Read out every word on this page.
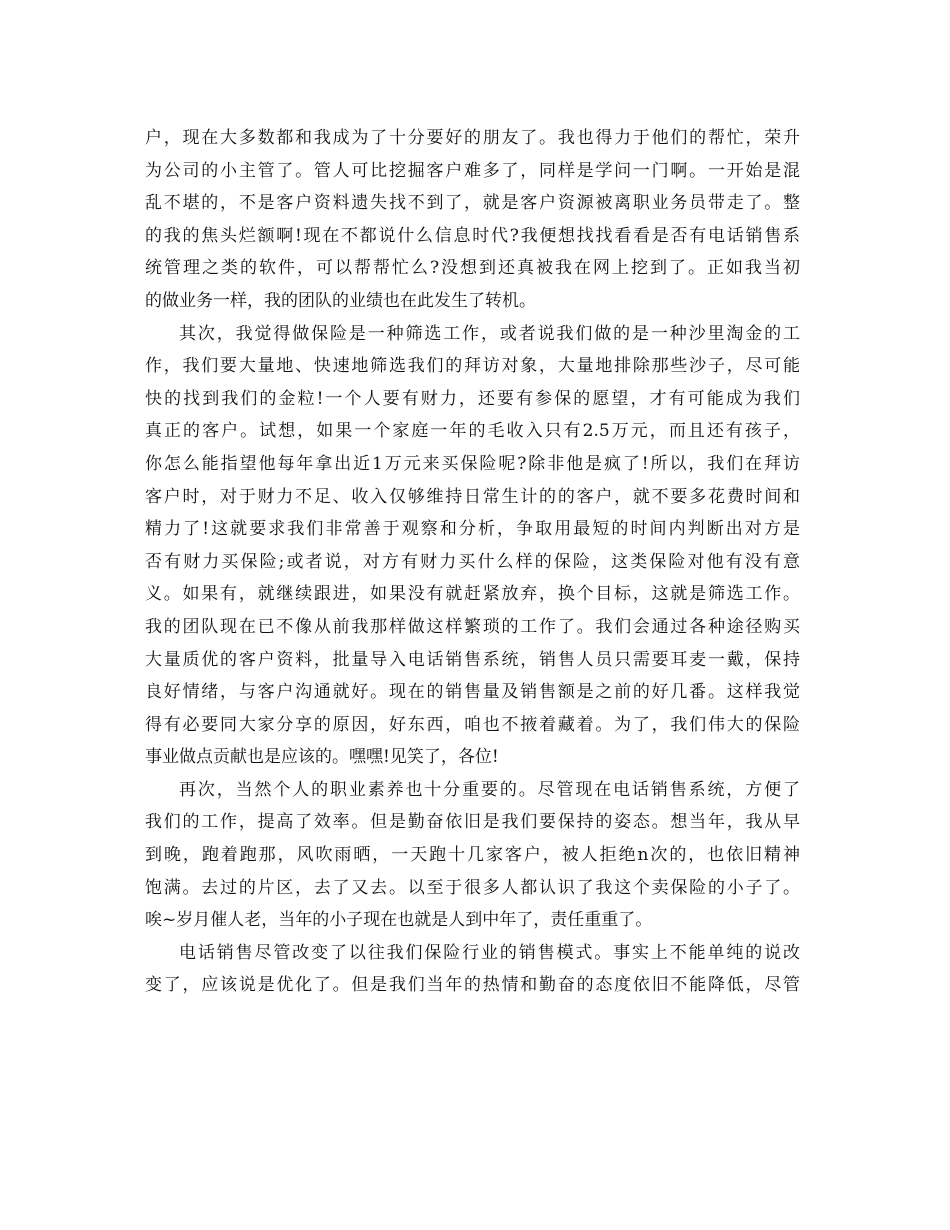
户，现在大多数都和我成为了十分要好的朋友了。我也得力于他们的帮忙，荣升
为公司的小主管了。管人可比挖掘客户难多了，同样是学问一门啊。一开始是混
乱不堪的，不是客户资料遗失找不到了，就是客户资源被离职业务员带走了。整
的我的焦头烂额啊!现在不都说什么信息时代?我便想找找看看是否有电话销售系
统管理之类的软件，可以帮帮忙么?没想到还真被我在网上挖到了。正如我当初
的做业务一样，我的团队的业绩也在此发生了转机。
其次，我觉得做保险是一种筛选工作，或者说我们做的是一种沙里淘金的工
作，我们要大量地、快速地筛选我们的拜访对象，大量地排除那些沙子，尽可能
快的找到我们的金粒!一个人要有财力，还要有参保的愿望，才有可能成为我们
真正的客户。试想，如果一个家庭一年的毛收入只有2.5万元，而且还有孩子，
你怎么能指望他每年拿出近1万元来买保险呢?除非他是疯了!所以，我们在拜访
客户时，对于财力不足、收入仅够维持日常生计的的客户，就不要多花费时间和
精力了!这就要求我们非常善于观察和分析，争取用最短的时间内判断出对方是
否有财力买保险;或者说，对方有财力买什么样的保险，这类保险对他有没有意
义。如果有，就继续跟进，如果没有就赶紧放弃，换个目标，这就是筛选工作。
我的团队现在已不像从前我那样做这样繁琐的工作了。我们会通过各种途径购买
大量质优的客户资料，批量导入电话销售系统，销售人员只需要耳麦一戴，保持
良好情绪，与客户沟通就好。现在的销售量及销售额是之前的好几番。这样我觉
得有必要同大家分享的原因，好东西，咱也不掖着藏着。为了，我们伟大的保险
事业做点贡献也是应该的。嘿嘿!见笑了，各位!
再次，当然个人的职业素养也十分重要的。尽管现在电话销售系统，方便了
我们的工作，提高了效率。但是勤奋依旧是我们要保持的姿态。想当年，我从早
到晚，跑着跑那，风吹雨晒，一天跑十几家客户，被人拒绝n次的，也依旧精神
饱满。去过的片区，去了又去。以至于很多人都认识了我这个卖保险的小子了。
唉~岁月催人老，当年的小子现在也就是人到中年了，责任重重了。
电话销售尽管改变了以往我们保险行业的销售模式。事实上不能单纯的说改
变了，应该说是优化了。但是我们当年的热情和勤奋的态度依旧不能降低，尽管
